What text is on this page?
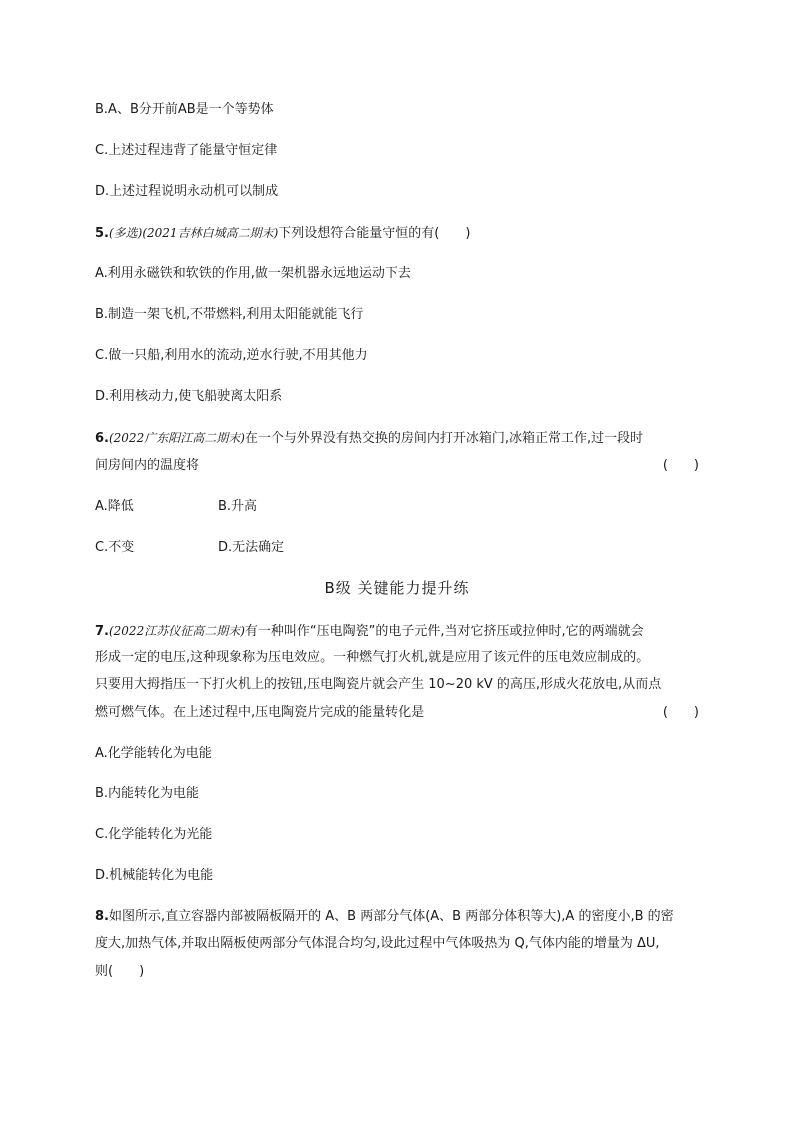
B.A、B分开前AB是一个等势体
C.上述过程违背了能量守恒定律
D.上述过程说明永动机可以制成
5.(多选)(2021吉林白城高二期末)下列设想符合能量守恒的有(　　)
A.利用永磁铁和软铁的作用,做一架机器永远地运动下去
B.制造一架飞机,不带燃料,利用太阳能就能飞行
C.做一只船,利用水的流动,逆水行驶,不用其他力
D.利用核动力,使飞船驶离太阳系
6.(2022广东阳江高二期末)在一个与外界没有热交换的房间内打开冰箱门,冰箱正常工作,过一段时
间房间内的温度将	(　　)
A.降低	B.升高
C.不变	D.无法确定
B级 关键能力提升练
7.(2022江苏仪征高二期末)有一种叫作“压电陶瓷”的电子元件,当对它挤压或拉伸时,它的两端就会
形成一定的电压,这种现象称为压电效应。一种燃气打火机,就是应用了该元件的压电效应制成的。
只要用大拇指压一下打火机上的按钮,压电陶瓷片就会产生 10~20 kV 的高压,形成火花放电,从而点
燃可燃气体。在上述过程中,压电陶瓷片完成的能量转化是	(　　)
A.化学能转化为电能
B.内能转化为电能
C.化学能转化为光能
D.机械能转化为电能
8.如图所示,直立容器内部被隔板隔开的 A、B 两部分气体(A、B 两部分体积等大),A 的密度小,B 的密
度大,加热气体,并取出隔板使两部分气体混合均匀,设此过程中气体吸热为 Q,气体内能的增量为 ΔU,
则(　　)
